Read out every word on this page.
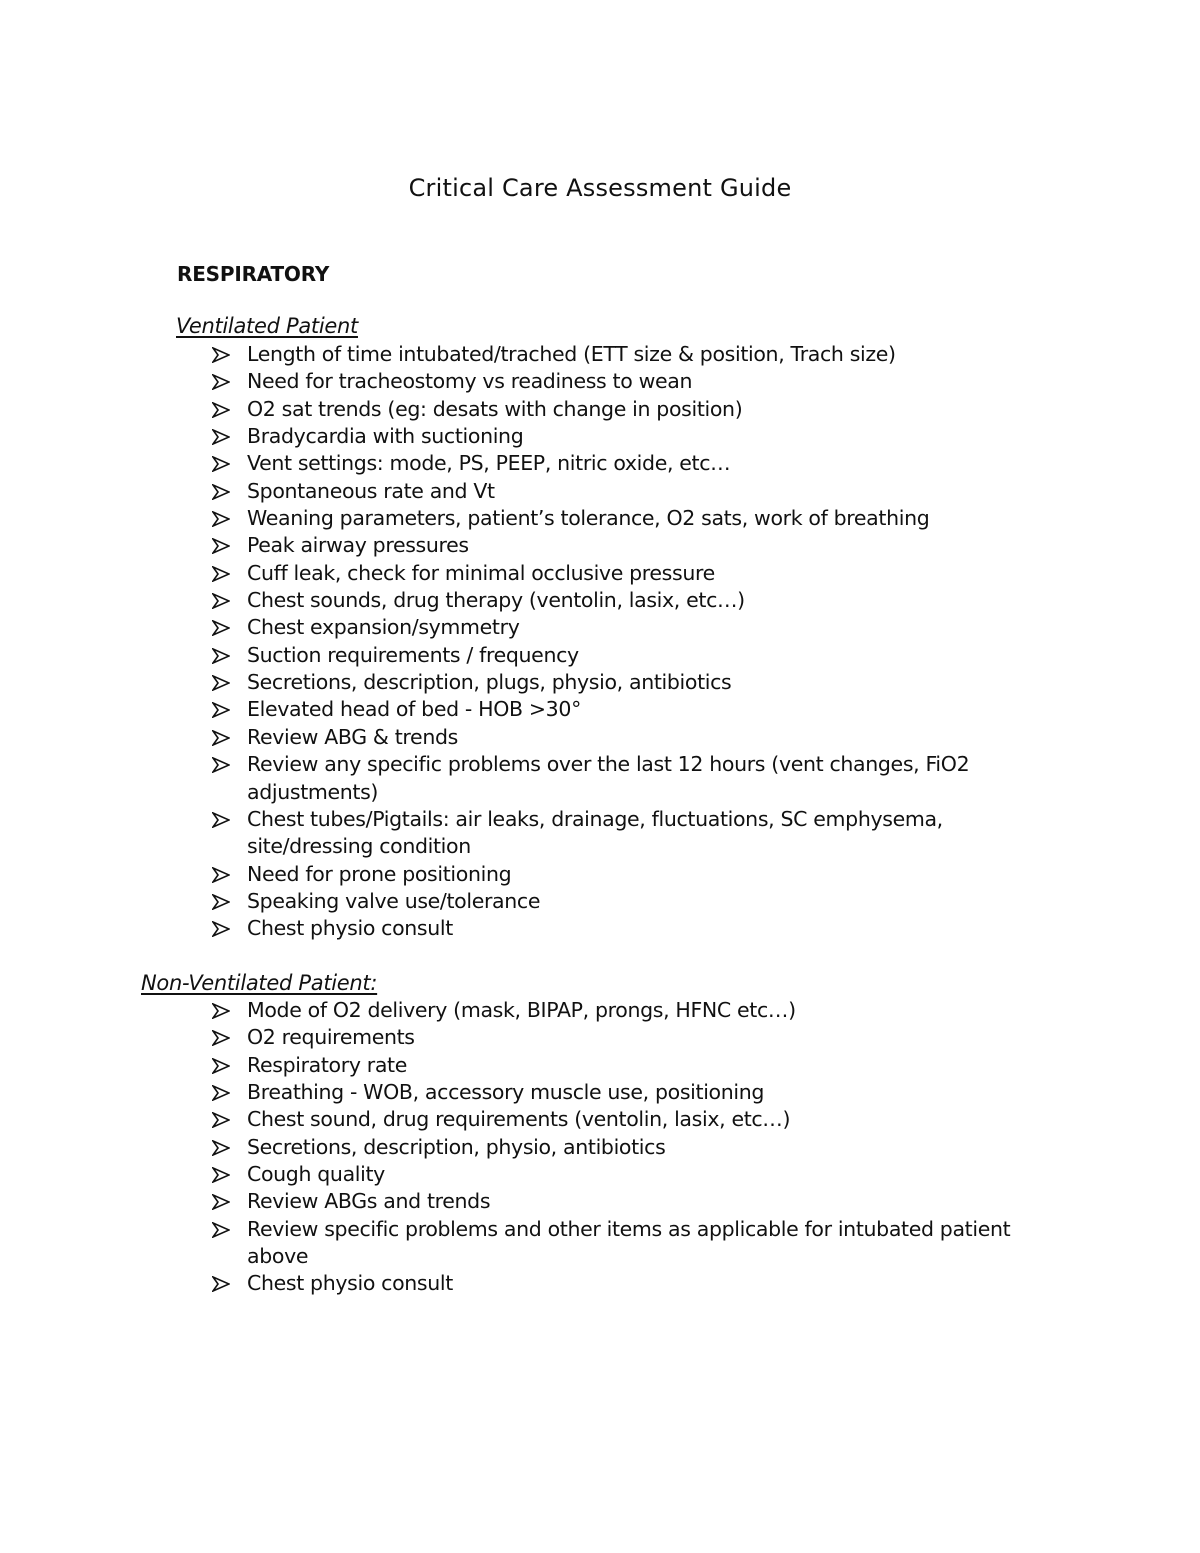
Critical Care Assessment Guide
RESPIRATORY
Ventilated Patient
Length of time intubated/trached (ETT size & position, Trach size)
Need for tracheostomy vs readiness to wean
O2 sat trends (eg: desats with change in position)
Bradycardia with suctioning
Vent settings: mode, PS, PEEP, nitric oxide, etc…
Spontaneous rate and Vt
Weaning parameters, patient’s tolerance, O2 sats, work of breathing
Peak airway pressures
Cuff leak, check for minimal occlusive pressure
Chest sounds, drug therapy (ventolin, lasix, etc…)
Chest expansion/symmetry
Suction requirements / frequency
Secretions, description, plugs, physio, antibiotics
Elevated head of bed - HOB >30°
Review ABG & trends
Review any specific problems over the last 12 hours (vent changes, FiO2 adjustments)
Chest tubes/Pigtails: air leaks, drainage, fluctuations, SC emphysema, site/dressing condition
Need for prone positioning
Speaking valve use/tolerance
Chest physio consult
Non-Ventilated Patient:
Mode of O2 delivery (mask, BIPAP, prongs, HFNC etc…)
O2 requirements
Respiratory rate
Breathing - WOB, accessory muscle use, positioning
Chest sound, drug requirements (ventolin, lasix, etc…)
Secretions, description, physio, antibiotics
Cough quality
Review ABGs and trends
Review specific problems and other items as applicable for intubated patient above
Chest physio consult
